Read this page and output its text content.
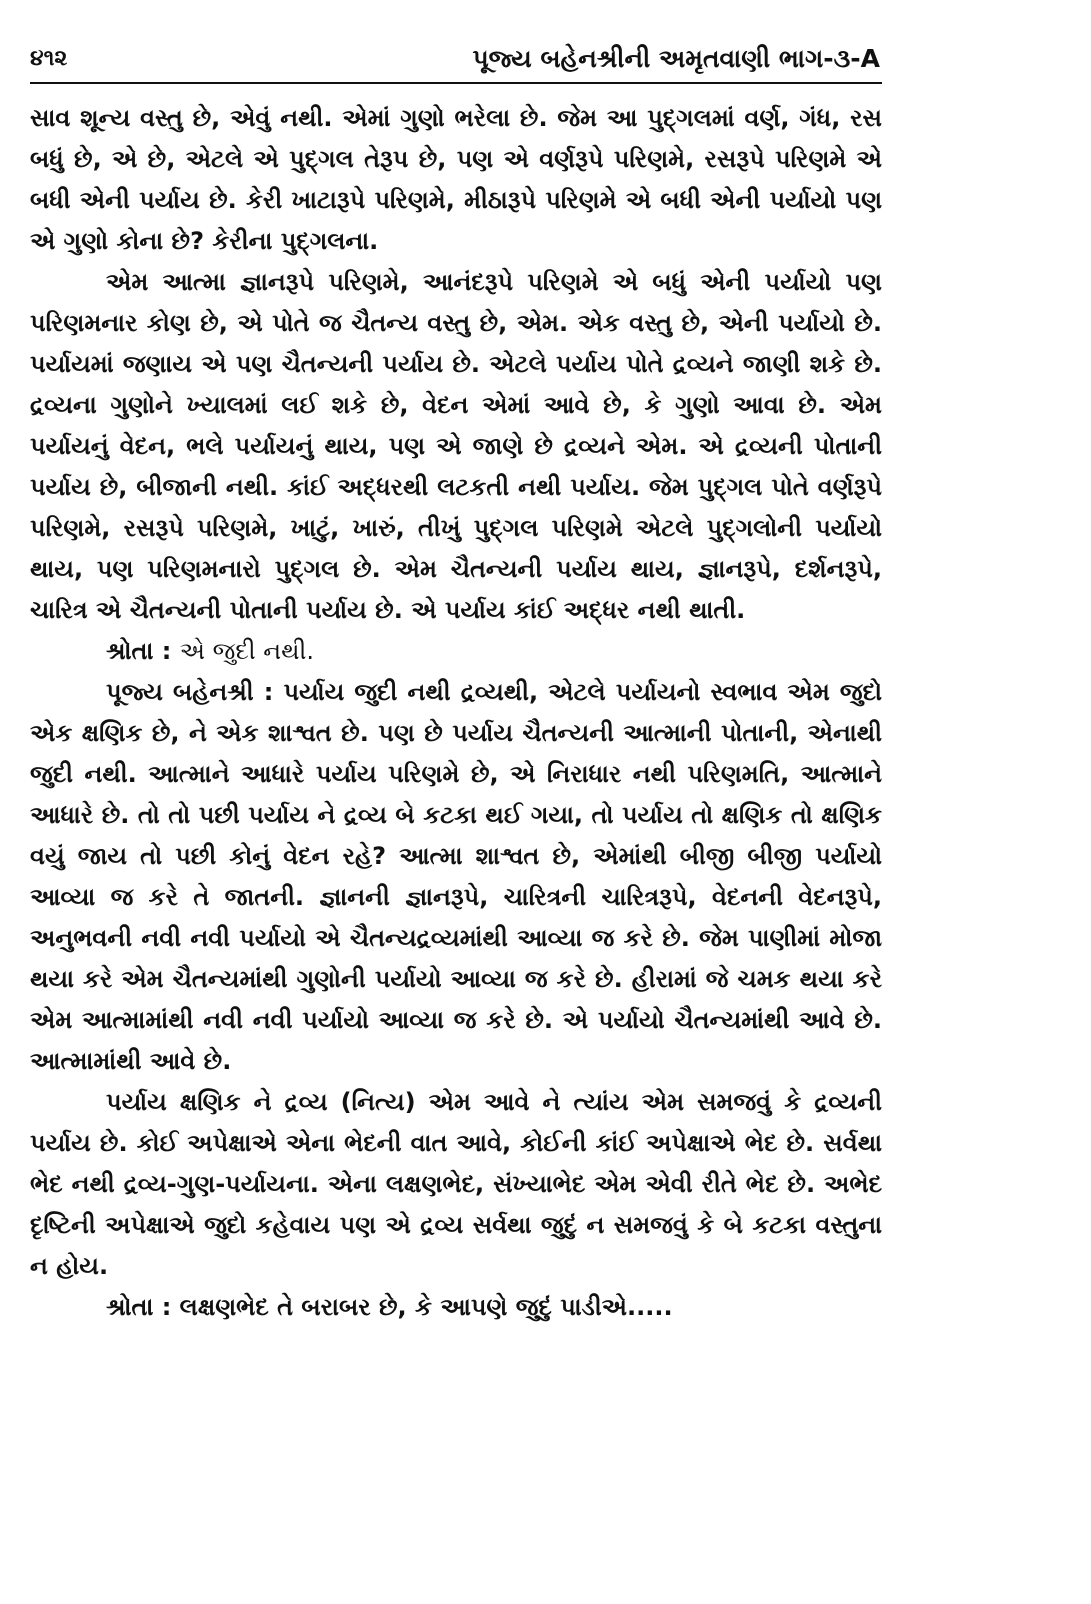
૪૧૨	પૂજ્ય બહેનશ્રીની અમૃતવાણી ભાગ-૩-A

સાવ શૂન્ય વસ્તુ છે, એવું નથી. એમાં ગુણો ભરેલા છે. જેમ આ પુદ્ગલમાં વર્ણ, ગંધ, રસ બધું છે, એ છે, એટલે એ પુદ્ગલ તેરૂપ છે, પણ એ વર્ણરૂપે પરિણમે, રસરૂપે પરિણમે એ બધી એની પર્યાય છે. કેરી ખાટારૂપે પરિણમે, મીઠારૂપે પરિણમે એ બધી એની પર્યાયો પણ એ ગુણો કોના છે? કેરીના પુદ્ગલના.

એમ આત્મા જ્ઞાનરૂપે પરિણમે, આનંદરૂપે પરિણમે એ બધું એની પર્યાયો પણ પરિણમનાર કોણ છે, એ પોતે જ ચૈતન્ય વસ્તુ છે, એમ. એક વસ્તુ છે, એની પર્યાયો છે. પર્યાયમાં જણાય એ પણ ચૈતન્યની પર્યાય છે. એટલે પર્યાય પોતે દ્રવ્યને જાણી શકે છે. દ્રવ્યના ગુણોને ખ્યાલમાં લઈ શકે છે, વેદન એમાં આવે છે, કે ગુણો આવા છે. એમ પર્યાયનું વેદન, ભલે પર્યાયનું થાય, પણ એ જાણે છે દ્રવ્યને એમ. એ દ્રવ્યની પોતાની પર્યાય છે, બીજાની નથી. કાંઈ અદ્ધરથી લટકતી નથી પર્યાય. જેમ પુદ્ગલ પોતે વર્ણરૂપે પરિણમે, રસરૂપે પરિણમે, ખાટું, ખારું, તીખું પુદ્ગલ પરિણમે એટલે પુદ્ગલોની પર્યાયો થાય, પણ પરિણમનારો પુદ્ગલ છે. એમ ચૈતન્યની પર્યાય થાય, જ્ઞાનરૂપે, દર્શનરૂપે, ચારિત્ર એ ચૈતન્યની પોતાની પર્યાય છે. એ પર્યાય કાંઈ અદ્ધર નથી થાતી.

શ્રોતા : એ જુદી નથી.

પૂજ્ય બહેનશ્રી : પર્યાય જુદી નથી દ્રવ્યથી, એટલે પર્યાયનો સ્વભાવ એમ જુદો એક ક્ષણિક છે, ને એક શાશ્વત છે. પણ છે પર્યાય ચૈતન્યની આત્માની પોતાની, એનાથી જુદી નથી. આત્માને આધારે પર્યાય પરિણમે છે, એ નિરાધાર નથી પરિણમતિ, આત્માને આધારે છે. તો તો પછી પર્યાય ને દ્રવ્ય બે કટકા થઈ ગયા, તો પર્યાય તો ક્ષણિક તો ક્ષણિક વયું જાય તો પછી કોનું વેદન રહે? આત્મા શાશ્વત છે, એમાંથી બીજી બીજી પર્યાયો આવ્યા જ કરે તે જાતની. જ્ઞાનની જ્ઞાનરૂપે, ચારિત્રની ચારિત્રરૂપે, વેદનની વેદનરૂપે, અનુભવની નવી નવી પર્યાયો એ ચૈતન્યદ્રવ્યમાંથી આવ્યા જ કરે છે. જેમ પાણીમાં મોજા થયા કરે એમ ચૈતન્યમાંથી ગુણોની પર્યાયો આવ્યા જ કરે છે. હીરામાં જે ચમક થયા કરે એમ આત્મામાંથી નવી નવી પર્યાયો આવ્યા જ કરે છે. એ પર્યાયો ચૈતન્યમાંથી આવે છે. આત્મામાંથી આવે છે.

પર્યાય ક્ષણિક ને દ્રવ્ય (નિત્ય) એમ આવે ને ત્યાંય એમ સમજવું કે દ્રવ્યની પર્યાય છે. કોઈ અપેક્ષાએ એના ભેદની વાત આવે, કોઈની કાંઈ અપેક્ષાએ ભેદ છે. સર્વથા ભેદ નથી દ્રવ્ય-ગુણ-પર્યાયના. એના લક્ષણભેદ, સંખ્યાભેદ એમ એવી રીતે ભેદ છે. અભેદ દૃષ્ટિની અપેક્ષાએ જુદો કહેવાય પણ એ દ્રવ્ય સર્વથા જુદું ન સમજવું કે બે કટકા વસ્તુના ન હોય.

શ્રોતા : લક્ષણભેદ તે બરાબર છે, કે આપણે જુદું પાડીએ.....
